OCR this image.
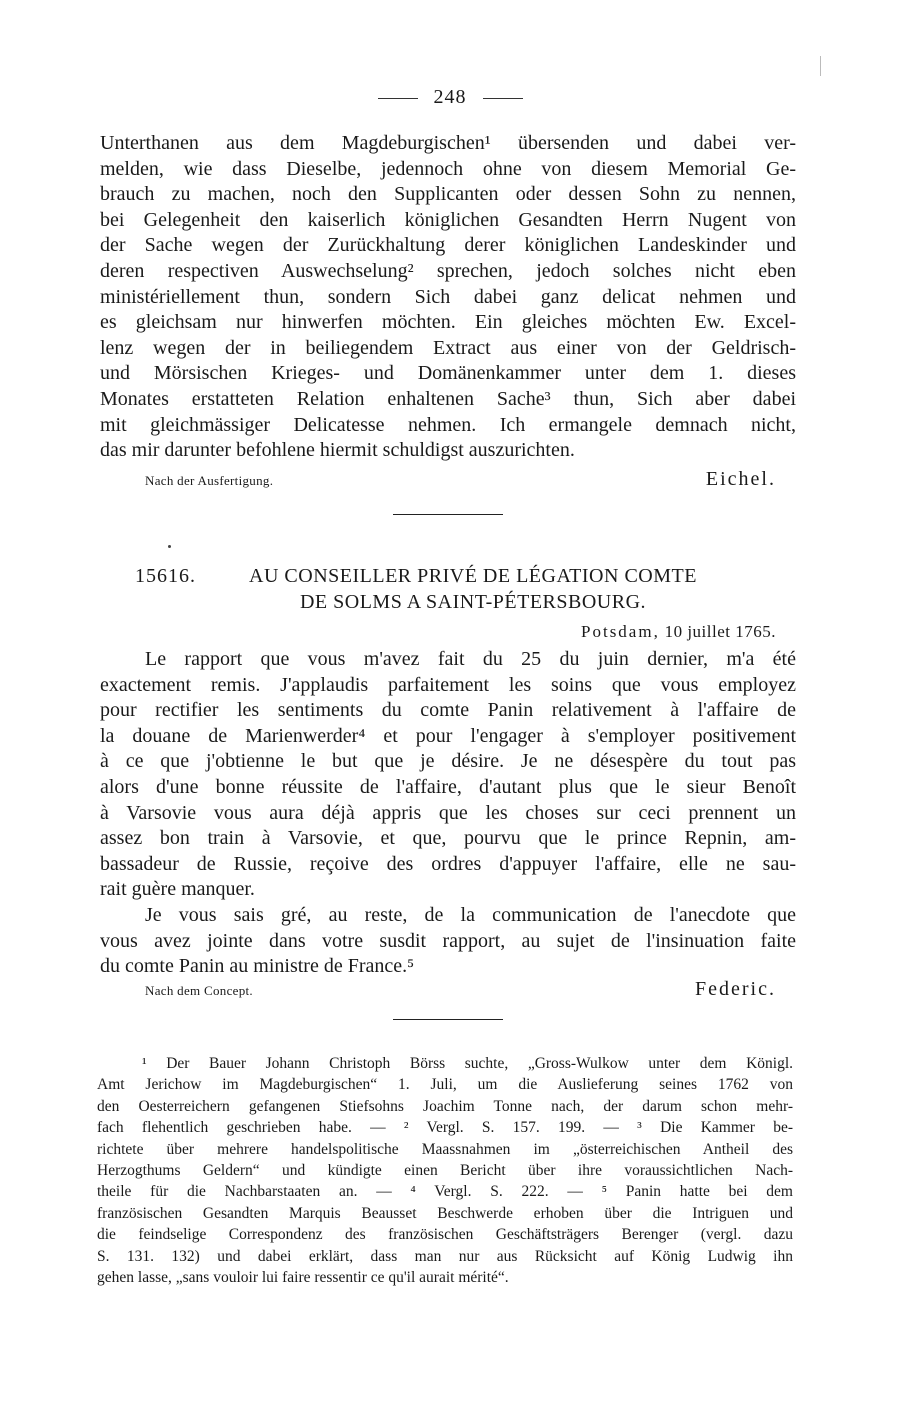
248
Unterthanen aus dem Magdeburgischen¹ übersenden und dabei ver-
melden, wie dass Dieselbe, jedennoch ohne von diesem Memorial Ge-
brauch zu machen, noch den Supplicanten oder dessen Sohn zu nennen,
bei Gelegenheit den kaiserlich königlichen Gesandten Herrn Nugent von
der Sache wegen der Zurückhaltung derer königlichen Landeskinder und
deren respectiven Auswechselung² sprechen, jedoch solches nicht eben
ministériellement thun, sondern Sich dabei ganz delicat nehmen und
es gleichsam nur hinwerfen möchten. Ein gleiches möchten Ew. Excel-
lenz wegen der in beiliegendem Extract aus einer von der Geldrisch-
und Mörsischen Krieges- und Domänenkammer unter dem 1. dieses
Monates erstatteten Relation enhaltenen Sache³ thun, Sich aber dabei
mit gleichmässiger Delicatesse nehmen. Ich ermangele demnach nicht,
das mir darunter befohlene hiermit schuldigst auszurichten.
Nach der Ausfertigung.	Eichel.
15616.	AU CONSEILLER PRIVÉ DE LÉGATION COMTE
DE SOLMS A SAINT-PÉTERSBOURG.
Potsdam, 10 juillet 1765.
Le rapport que vous m'avez fait du 25 du juin dernier, m'a été
exactement remis. J'applaudis parfaitement les soins que vous employez
pour rectifier les sentiments du comte Panin relativement à l'affaire de
la douane de Marienwerder⁴ et pour l'engager à s'employer positivement
à ce que j'obtienne le but que je désire. Je ne désespère du tout pas
alors d'une bonne réussite de l'affaire, d'autant plus que le sieur Benoît
à Varsovie vous aura déjà appris que les choses sur ceci prennent un
assez bon train à Varsovie, et que, pourvu que le prince Repnin, am-
bassadeur de Russie, reçoive des ordres d'appuyer l'affaire, elle ne sau-
rait guère manquer.
Je vous sais gré, au reste, de la communication de l'anecdote que
vous avez jointe dans votre susdit rapport, au sujet de l'insinuation faite
du comte Panin au ministre de France.⁵
Nach dem Concept.	Federic.
¹ Der Bauer Johann Christoph Börss suchte, „Gross-Wulkow unter dem Königl.
Amt Jerichow im Magdeburgischen“ 1. Juli, um die Auslieferung seines 1762 von
den Oesterreichern gefangenen Stiefsohns Joachim Tonne nach, der darum schon mehr-
fach flehentlich geschrieben habe. — ² Vergl. S. 157. 199. — ³ Die Kammer be-
richtete über mehrere handelspolitische Maassnahmen im „österreichischen Antheil des
Herzogthums Geldern“ und kündigte einen Bericht über ihre voraussichtlichen Nach-
theile für die Nachbarstaaten an. — ⁴ Vergl. S. 222. — ⁵ Panin hatte bei dem
französischen Gesandten Marquis Beausset Beschwerde erhoben über die Intriguen und
die feindselige Correspondenz des französischen Geschäftsträgers Berenger (vergl. dazu
S. 131. 132) und dabei erklärt, dass man nur aus Rücksicht auf König Ludwig ihn
gehen lasse, „sans vouloir lui faire ressentir ce qu'il aurait mérité“.
